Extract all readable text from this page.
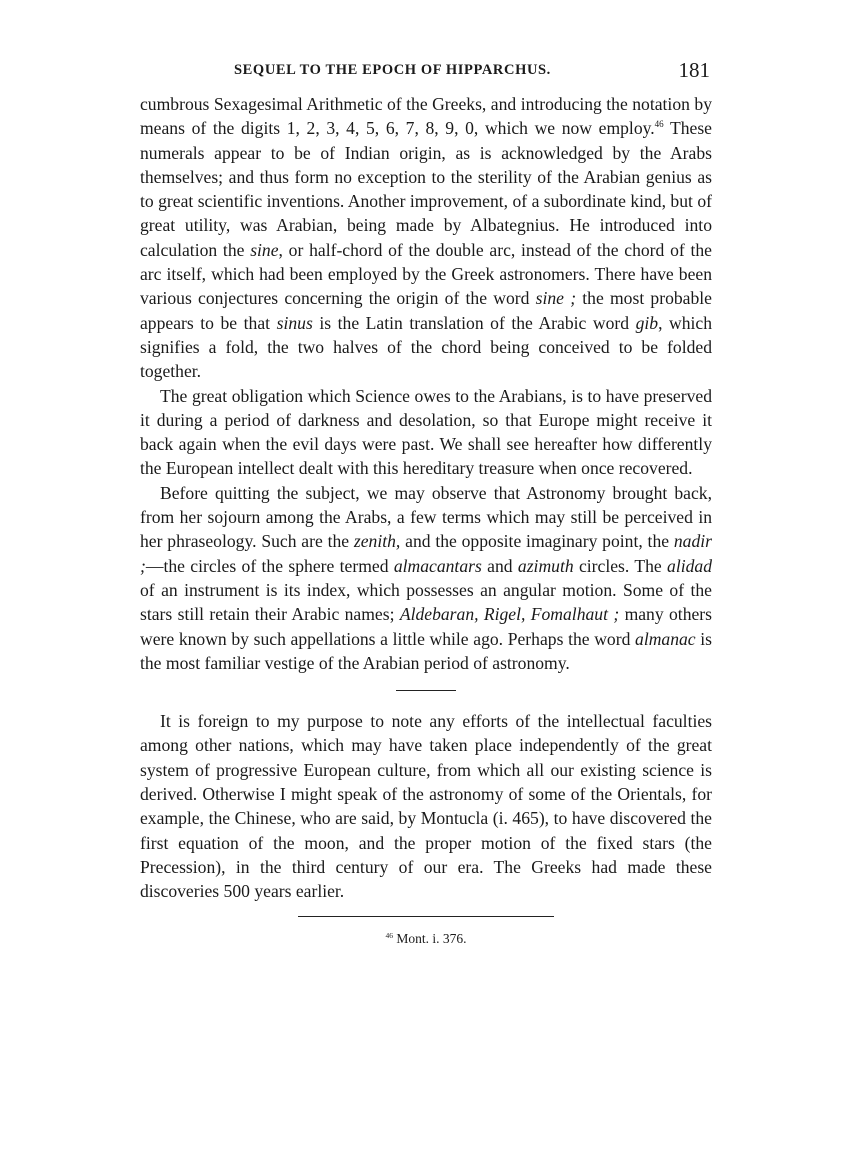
SEQUEL TO THE EPOCH OF HIPPARCHUS.	181

cumbrous Sexagesimal Arithmetic of the Greeks, and introducing the notation by means of the digits 1, 2, 3, 4, 5, 6, 7, 8, 9, 0, which we now employ.$^{46}$ These numerals appear to be of Indian origin, as is acknowledged by the Arabs themselves; and thus form no exception to the sterility of the Arabian genius as to great scientific inventions. Another improvement, of a subordinate kind, but of great utility, was Arabian, being made by Albategnius. He introduced into calculation the sine, or half-chord of the double arc, instead of the chord of the arc itself, which had been employed by the Greek astronomers. There have been various conjectures concerning the origin of the word sine ; the most probable appears to be that sinus is the Latin translation of the Arabic word gib, which signifies a fold, the two halves of the chord being conceived to be folded together.

The great obligation which Science owes to the Arabians, is to have preserved it during a period of darkness and desolation, so that Europe might receive it back again when the evil days were past. We shall see hereafter how differently the European intellect dealt with this hereditary treasure when once recovered.

Before quitting the subject, we may observe that Astronomy brought back, from her sojourn among the Arabs, a few terms which may still be perceived in her phraseology. Such are the zenith, and the opposite imaginary point, the nadir ;—the circles of the sphere termed almacantars and azimuth circles. The alidad of an instrument is its index, which possesses an angular motion. Some of the stars still retain their Arabic names; Aldebaran, Rigel, Fomalhaut ; many others were known by such appellations a little while ago. Perhaps the word almanac is the most familiar vestige of the Arabian period of astronomy.

It is foreign to my purpose to note any efforts of the intellectual faculties among other nations, which may have taken place independently of the great system of progressive European culture, from which all our existing science is derived. Otherwise I might speak of the astronomy of some of the Orientals, for example, the Chinese, who are said, by Montucla (i. 465), to have discovered the first equation of the moon, and the proper motion of the fixed stars (the Precession), in the third century of our era. The Greeks had made these discoveries 500 years earlier.

$^{46}$ Mont. i. 376.
